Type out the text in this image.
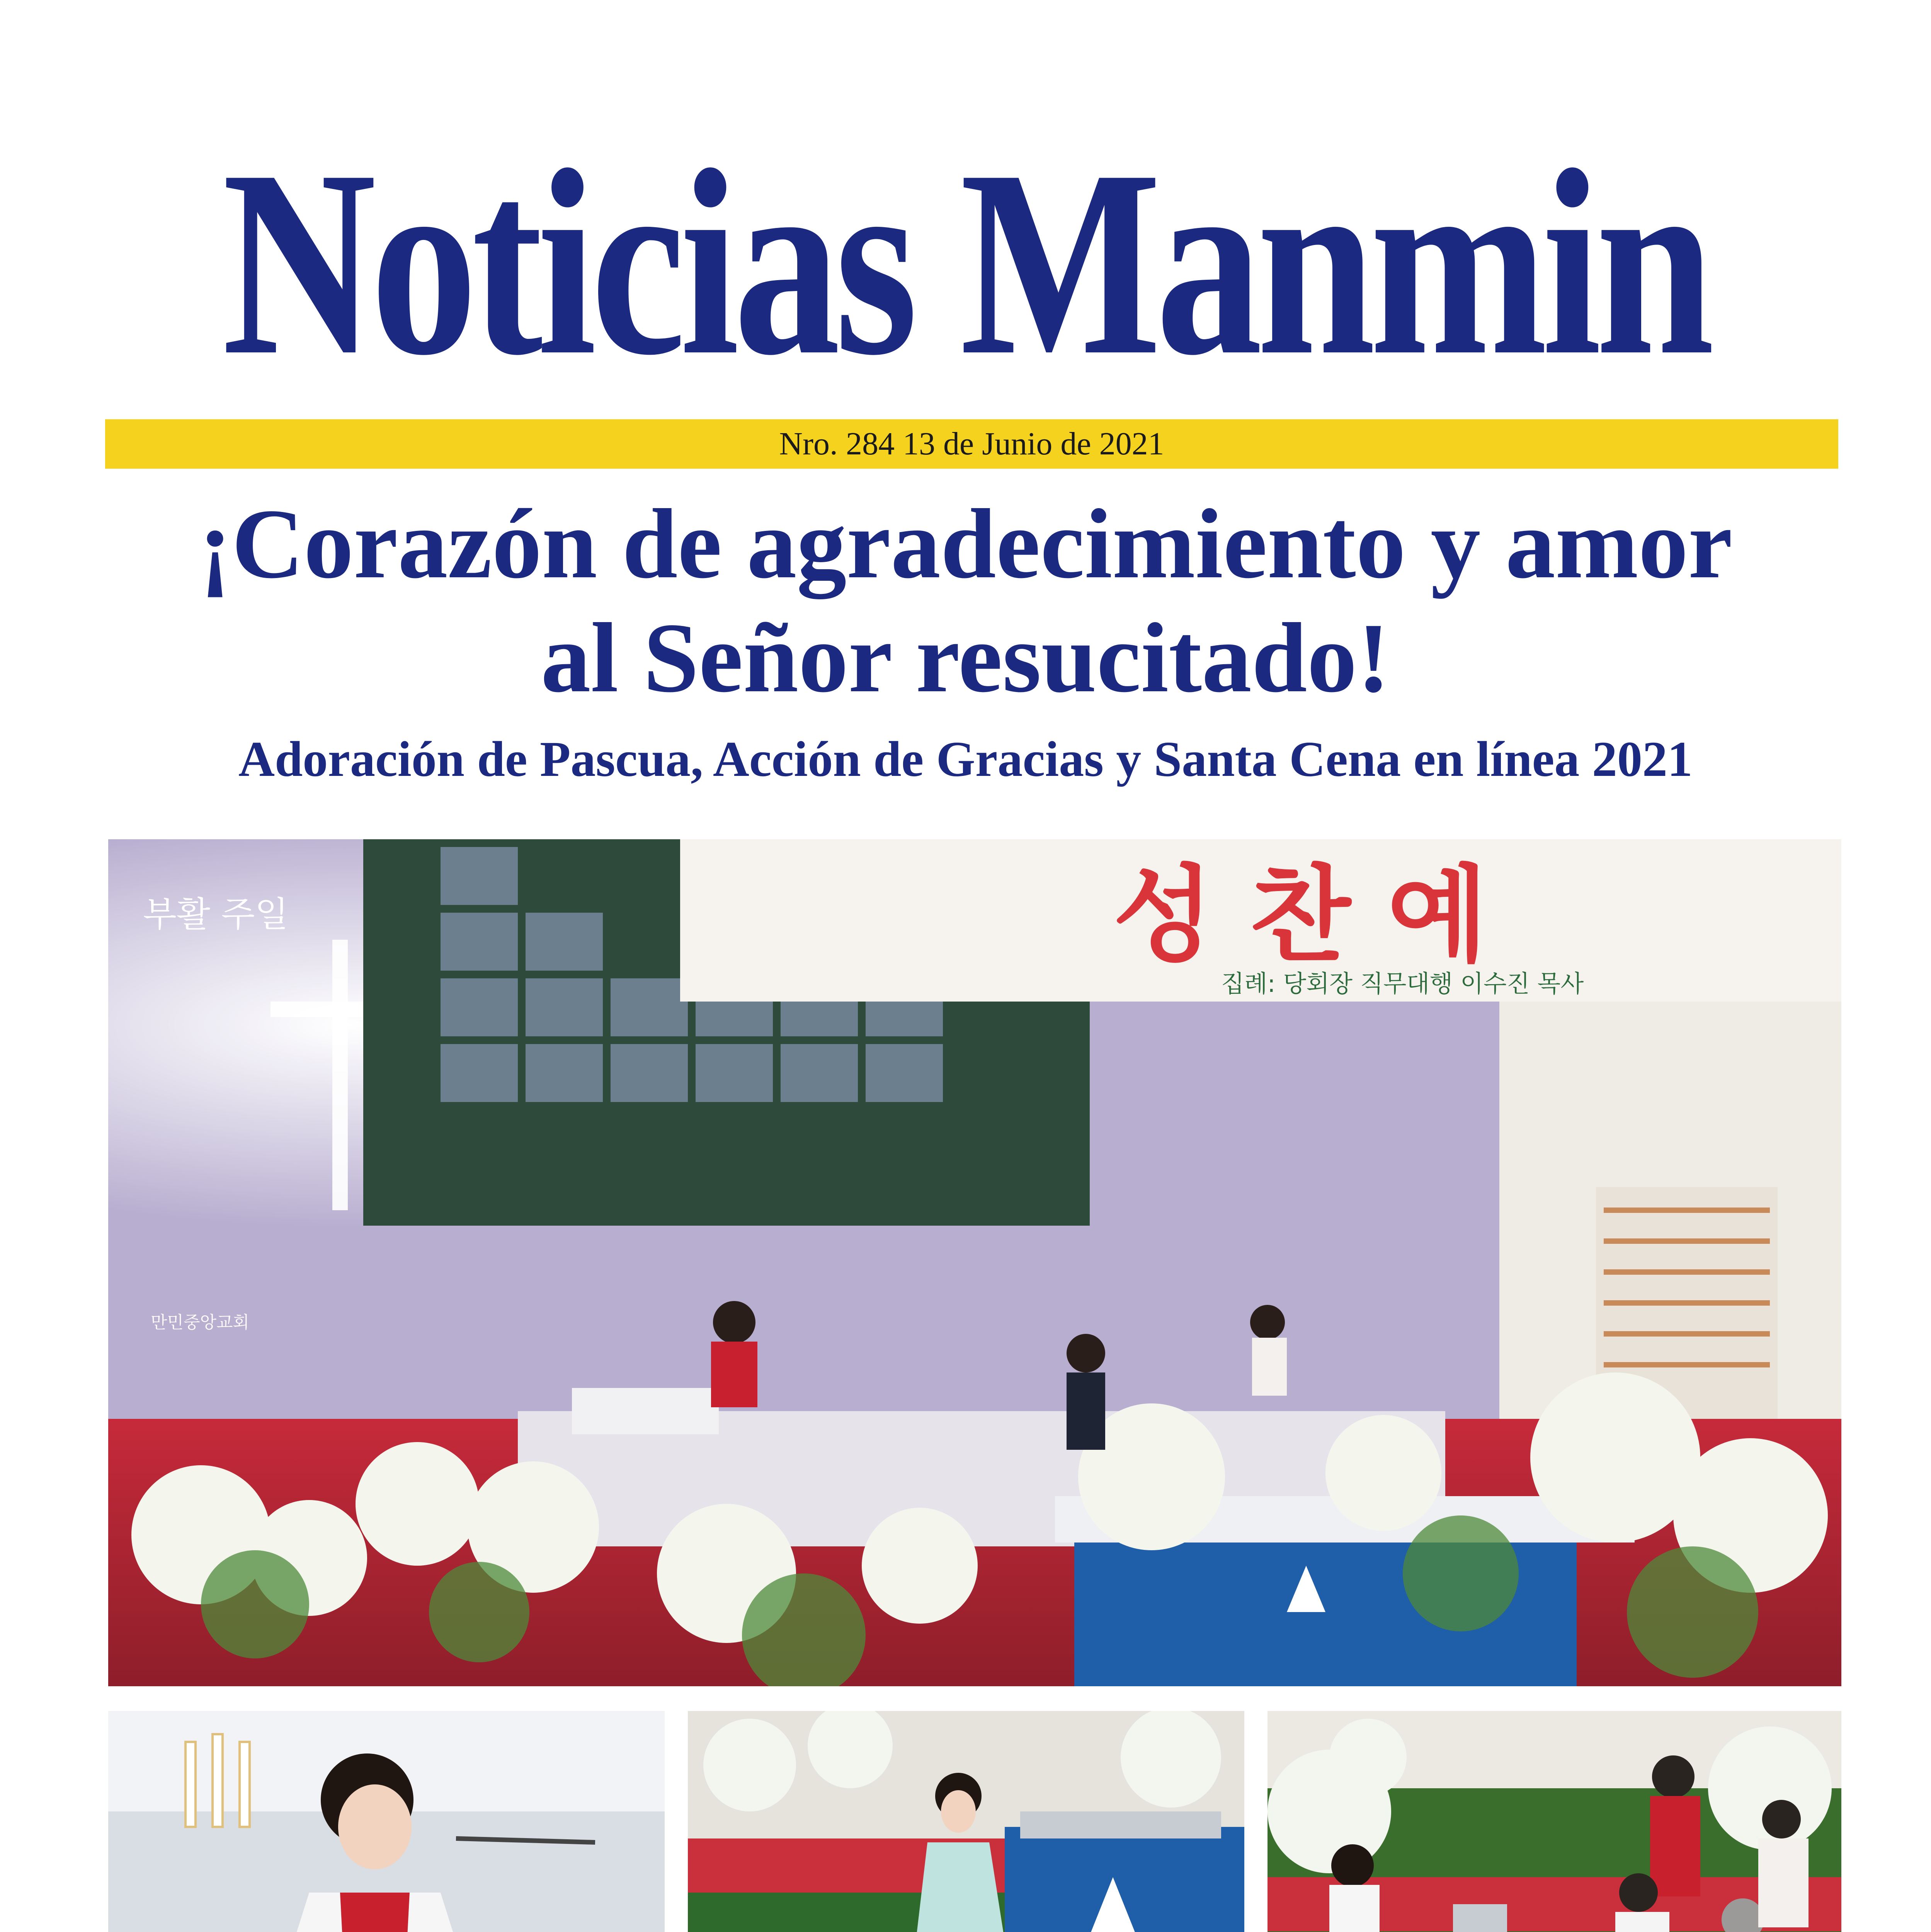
Noticias Manmin
Nro. 284 13 de Junio de 2021
¡Corazón de agradecimiento y amor
al Señor resucitado!
Adoración de Pascua, Acción de Gracias y Santa Cena en línea 2021
성 찬 예
집례: 당회장 직무대행 이수진 목사
부활 주일
만민중앙교회
